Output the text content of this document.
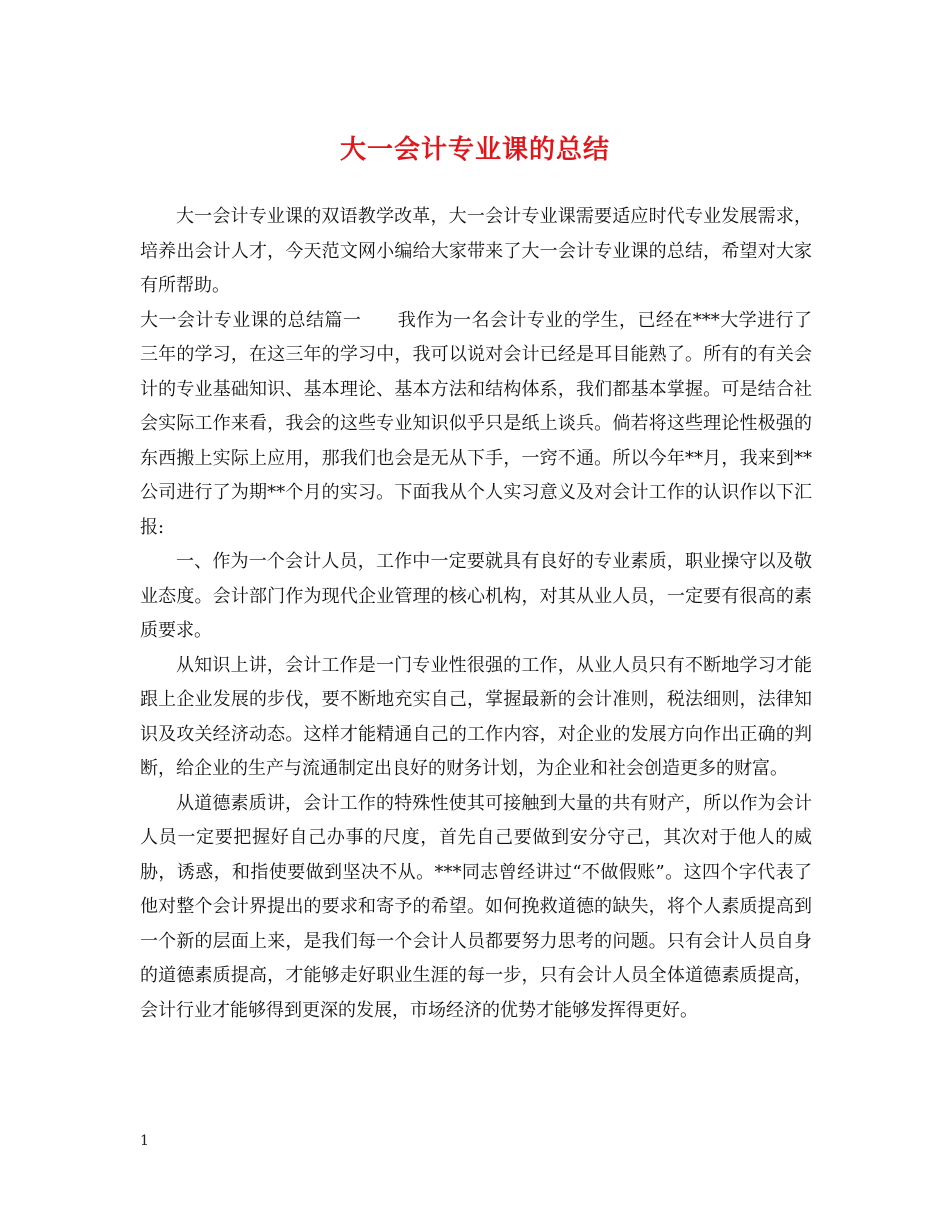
大一会计专业课的总结

大一会计专业课的双语教学改革，大一会计专业课需要适应时代专业发展需求，培养出会计人才，今天范文网小编给大家带来了大一会计专业课的总结，希望对大家有所帮助。

大一会计专业课的总结篇一 我作为一名会计专业的学生，已经在***大学进行了三年的学习，在这三年的学习中，我可以说对会计已经是耳目能熟了。所有的有关会计的专业基础知识、基本理论、基本方法和结构体系，我们都基本掌握。可是结合社会实际工作来看，我会的这些专业知识似乎只是纸上谈兵。倘若将这些理论性极强的东西搬上实际上应用，那我们也会是无从下手，一窍不通。所以今年**月，我来到**公司进行了为期**个月的实习。下面我从个人实习意义及对会计工作的认识作以下汇报:

一、作为一个会计人员，工作中一定要就具有良好的专业素质，职业操守以及敬业态度。会计部门作为现代企业管理的核心机构，对其从业人员，一定要有很高的素质要求。

从知识上讲，会计工作是一门专业性很强的工作，从业人员只有不断地学习才能跟上企业发展的步伐，要不断地充实自己，掌握最新的会计准则，税法细则，法律知识及攻关经济动态。这样才能精通自己的工作内容，对企业的发展方向作出正确的判断，给企业的生产与流通制定出良好的财务计划，为企业和社会创造更多的财富。

从道德素质讲，会计工作的特殊性使其可接触到大量的共有财产，所以作为会计人员一定要把握好自己办事的尺度，首先自己要做到安分守己，其次对于他人的威胁，诱惑，和指使要做到坚决不从。***同志曾经讲过“不做假账”。这四个字代表了他对整个会计界提出的要求和寄予的希望。如何挽救道德的缺失，将个人素质提高到一个新的层面上来，是我们每一个会计人员都要努力思考的问题。只有会计人员自身的道德素质提高，才能够走好职业生涯的每一步，只有会计人员全体道德素质提高，会计行业才能够得到更深的发展，市场经济的优势才能够发挥得更好。

1
